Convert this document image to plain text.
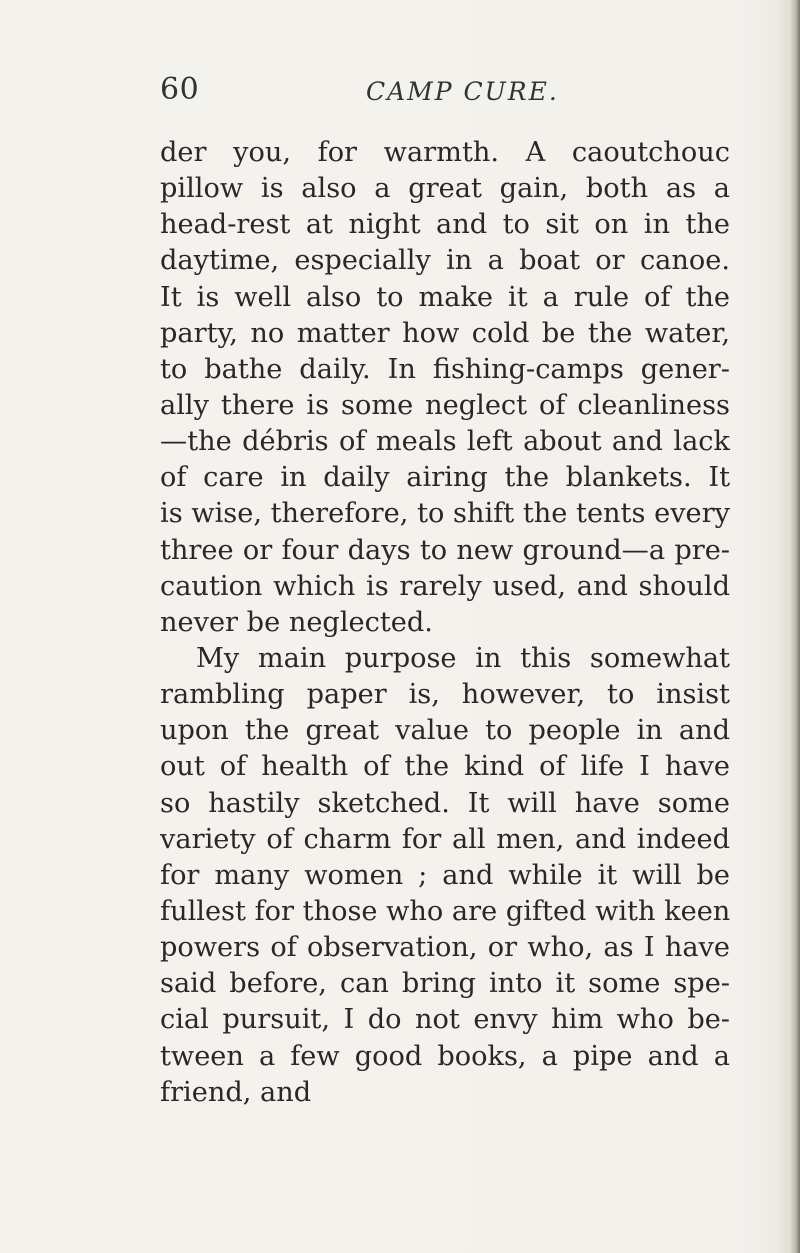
60	CAMP CURE.
der you, for warmth. A caoutchouc
pillow is also a great gain, both as a
head-rest at night and to sit on in the
daytime, especially in a boat or canoe.
It is well also to make it a rule of the
party, no matter how cold be the water,
to bathe daily. In fishing-camps gener-
ally there is some neglect of cleanliness
—the débris of meals left about and lack
of care in daily airing the blankets. It
is wise, therefore, to shift the tents every
three or four days to new ground—a pre-
caution which is rarely used, and should
never be neglected.
My main purpose in this somewhat
rambling paper is, however, to insist
upon the great value to people in and
out of health of the kind of life I have
so hastily sketched. It will have some
variety of charm for all men, and indeed
for many women ; and while it will be
fullest for those who are gifted with keen
powers of observation, or who, as I have
said before, can bring into it some spe-
cial pursuit, I do not envy him who be-
tween a few good books, a pipe and a
friend, and
